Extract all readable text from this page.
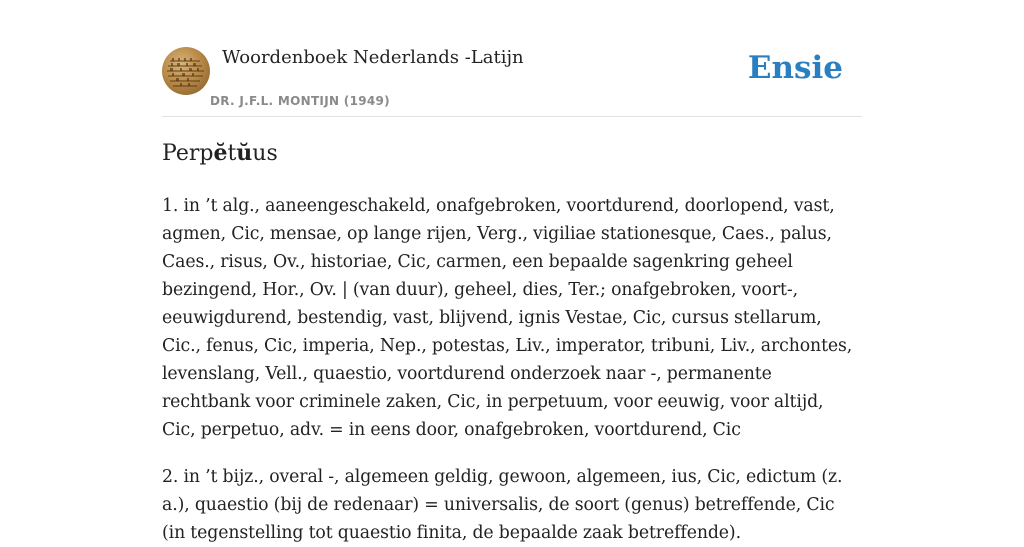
Woordenboek Nederlands -Latijn
DR. J.F.L. MONTIJN (1949)
Ensie
Perpĕtŭus

1. in ’t alg., aaneengeschakeld, onafgebroken, voortdurend, doorlopend, vast, agmen, Cic, mensae, op lange rijen, Verg., vigiliae stationesque, Caes., palus, Caes., risus, Ov., historiae, Cic, carmen, een bepaalde sagenkring geheel bezingend, Hor., Ov. | (van duur), geheel, dies, Ter.; onafgebroken, voort-, eeuwigdurend, bestendig, vast, blijvend, ignis Vestae, Cic, cursus stellarum, Cic., fenus, Cic, imperia, Nep., potestas, Liv., imperator, tribuni, Liv., archontes, levenslang, Vell., quaestio, voortdurend onderzoek naar -, permanente rechtbank voor criminele zaken, Cic, in perpetuum, voor eeuwig, voor altijd, Cic, perpetuo, adv. = in eens door, onafgebroken, voortdurend, Cic

2. in ’t bijz., overal -, algemeen geldig, gewoon, algemeen, ius, Cic, edictum (z. a.), quaestio (bij de redenaar) = universalis, de soort (genus) betreffende, Cic (in tegenstelling tot quaestio finita, de bepaalde zaak betreffende).
